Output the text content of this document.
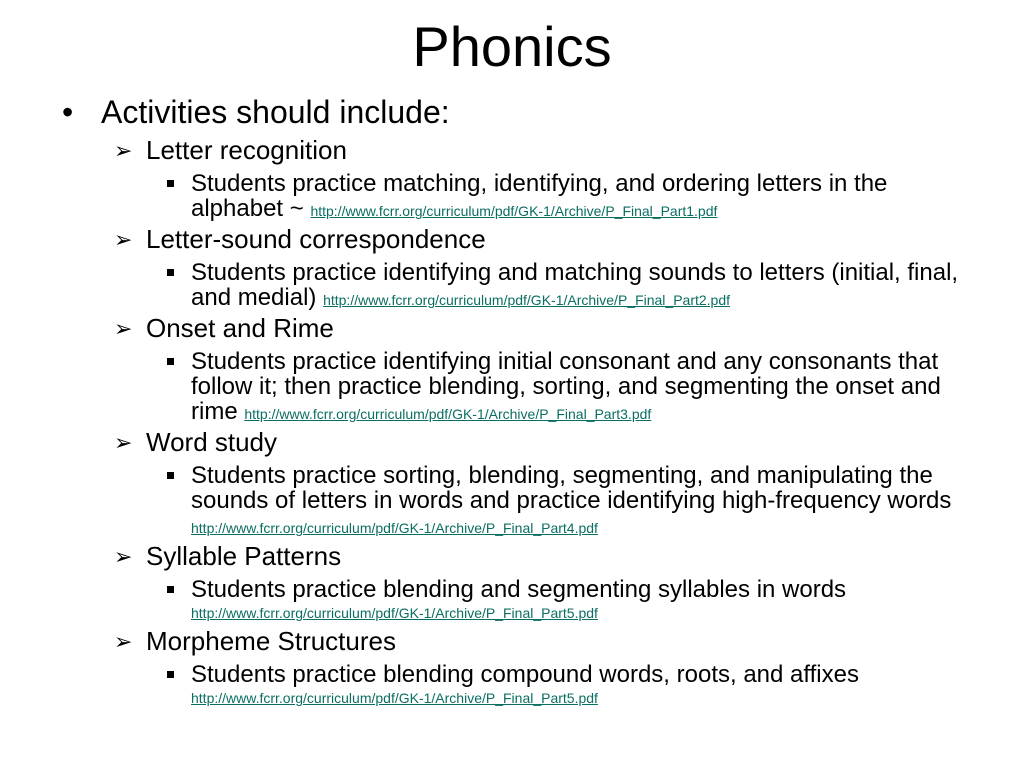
Phonics
• Activities should include:
➢ Letter recognition
Students practice matching, identifying, and ordering letters in the alphabet ~ http://www.fcrr.org/curriculum/pdf/GK-1/Archive/P_Final_Part1.pdf
➢ Letter-sound correspondence
Students practice identifying and matching sounds to letters (initial, final, and medial) http://www.fcrr.org/curriculum/pdf/GK-1/Archive/P_Final_Part2.pdf
➢ Onset and Rime
Students practice identifying initial consonant and any consonants that follow it; then practice blending, sorting, and segmenting the onset and rime http://www.fcrr.org/curriculum/pdf/GK-1/Archive/P_Final_Part3.pdf
➢ Word study
Students practice sorting, blending, segmenting, and manipulating the sounds of letters in words and practice identifying high-frequency words http://www.fcrr.org/curriculum/pdf/GK-1/Archive/P_Final_Part4.pdf
➢ Syllable Patterns
Students practice blending and segmenting syllables in words
http://www.fcrr.org/curriculum/pdf/GK-1/Archive/P_Final_Part5.pdf
➢ Morpheme Structures
Students practice blending compound words, roots, and affixes
http://www.fcrr.org/curriculum/pdf/GK-1/Archive/P_Final_Part5.pdf
